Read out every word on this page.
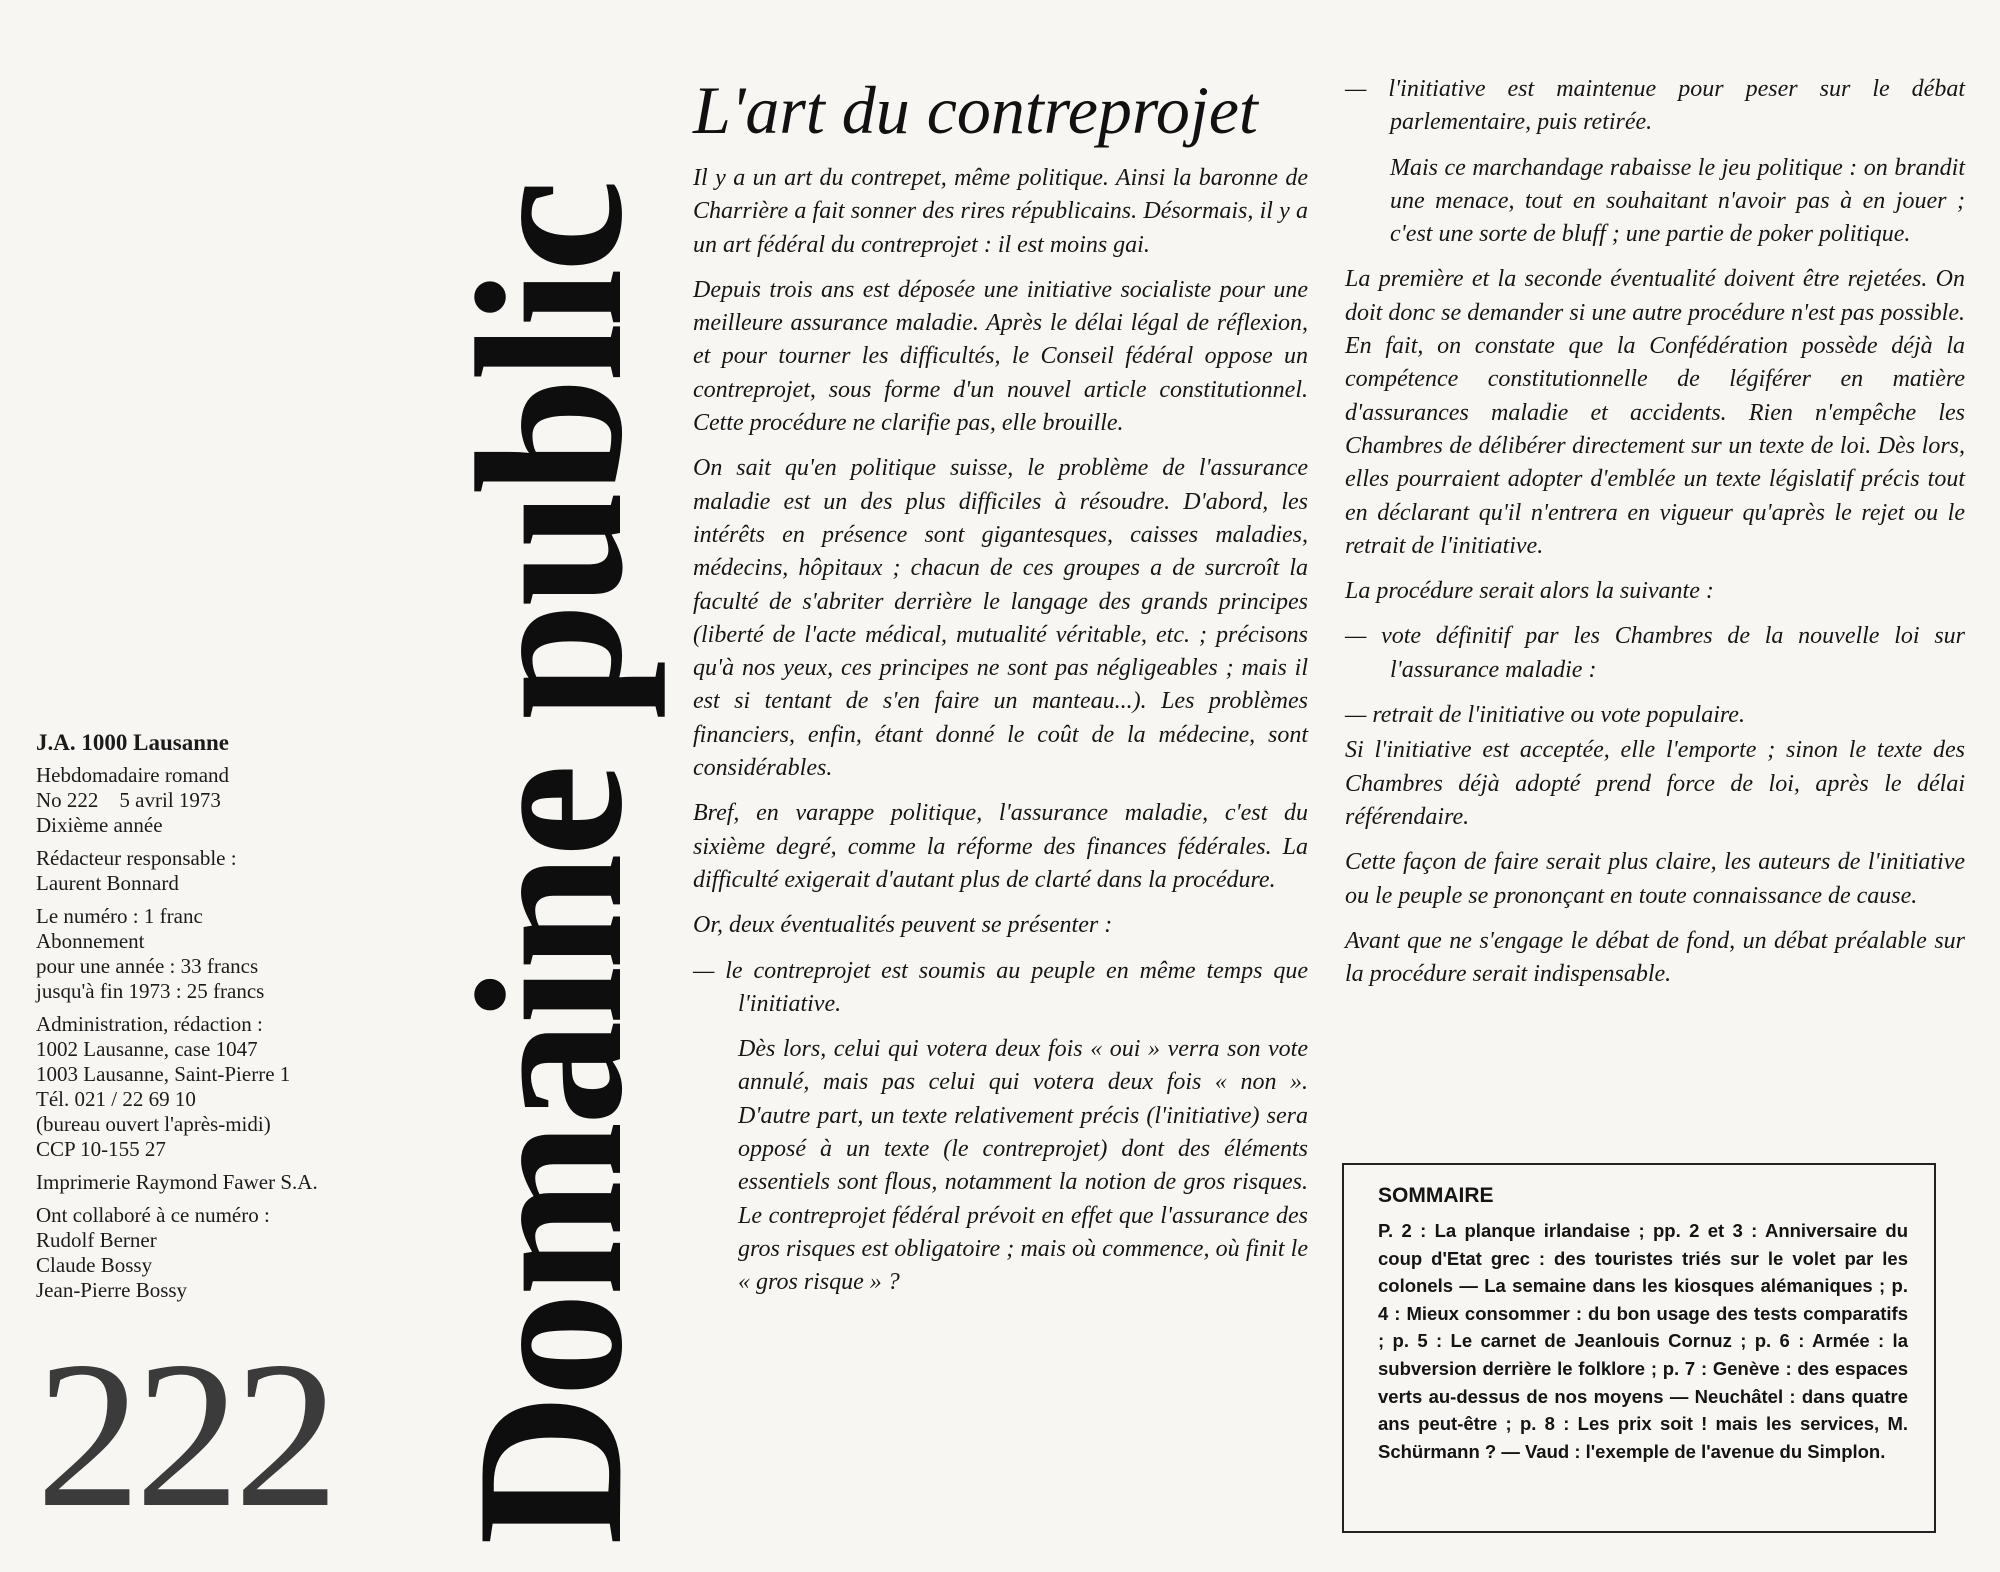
J.A. 1000 Lausanne
Hebdomadaire romand
No 222    5 avril 1973
Dixième année
Rédacteur responsable :
Laurent Bonnard
Le numéro : 1 franc
Abonnement
pour une année : 33 francs
jusqu'à fin 1973 : 25 francs
Administration, rédaction :
1002 Lausanne, case 1047
1003 Lausanne, Saint-Pierre 1
Tél. 021 / 22 69 10
(bureau ouvert l'après-midi)
CCP 10-155 27
Imprimerie Raymond Fawer S.A.
Ont collaboré à ce numéro :
Rudolf Berner
Claude Bossy
Jean-Pierre Bossy
222 Domaine public
L'art du contreprojet

Il y a un art du contrepet, même politique. Ainsi la baronne de Charrière a fait sonner des rires républicains. Désormais, il y a un art fédéral du contreprojet : il est moins gai.

Depuis trois ans est déposée une initiative socialiste pour une meilleure assurance maladie. Après le délai légal de réflexion, et pour tourner les difficultés, le Conseil fédéral oppose un contreprojet, sous forme d'un nouvel article constitutionnel. Cette procédure ne clarifie pas, elle brouille.

On sait qu'en politique suisse, le problème de l'assurance maladie est un des plus difficiles à résoudre. D'abord, les intérêts en présence sont gigantesques, caisses maladies, médecins, hôpitaux ; chacun de ces groupes a de surcroît la faculté de s'abriter derrière le langage des grands principes (liberté de l'acte médical, mutualité véritable, etc. ; précisons qu'à nos yeux, ces principes ne sont pas négligeables ; mais il est si tentant de s'en faire un manteau...). Les problèmes financiers, enfin, étant donné le coût de la médecine, sont considérables.

Bref, en varappe politique, l'assurance maladie, c'est du sixième degré, comme la réforme des finances fédérales. La difficulté exigerait d'autant plus de clarté dans la procédure.

Or, deux éventualités peuvent se présenter :

— le contreprojet est soumis au peuple en même temps que l'initiative.

Dès lors, celui qui votera deux fois « oui » verra son vote annulé, mais pas celui qui votera deux fois « non ». D'autre part, un texte relativement précis (l'initiative) sera opposé à un texte (le contreprojet) dont des éléments essentiels sont flous, notamment la notion de gros risques. Le contreprojet fédéral prévoit en effet que l'assurance des gros risques est obligatoire ; mais où commence, où finit le « gros risque » ?

— l'initiative est maintenue pour peser sur le débat parlementaire, puis retirée.

Mais ce marchandage rabaisse le jeu politique : on brandit une menace, tout en souhaitant n'avoir pas à en jouer ; c'est une sorte de bluff ; une partie de poker politique.

La première et la seconde éventualité doivent être rejetées. On doit donc se demander si une autre procédure n'est pas possible. En fait, on constate que la Confédération possède déjà la compétence constitutionnelle de légiférer en matière d'assurances maladie et accidents. Rien n'empêche les Chambres de délibérer directement sur un texte de loi. Dès lors, elles pourraient adopter d'emblée un texte législatif précis tout en déclarant qu'il n'entrera en vigueur qu'après le rejet ou le retrait de l'initiative.

La procédure serait alors la suivante :

— vote définitif par les Chambres de la nouvelle loi sur l'assurance maladie :

— retrait de l'initiative ou vote populaire.

Si l'initiative est acceptée, elle l'emporte ; sinon le texte des Chambres déjà adopté prend force de loi, après le délai référendaire.

Cette façon de faire serait plus claire, les auteurs de l'initiative ou le peuple se prononçant en toute connaissance de cause.

Avant que ne s'engage le débat de fond, un débat préalable sur la procédure serait indispensable.

SOMMAIRE
P. 2 : La planque irlandaise ; pp. 2 et 3 : Anniversaire du coup d'Etat grec : des touristes triés sur le volet par les colonels — La semaine dans les kiosques alémaniques ; p. 4 : Mieux consommer : du bon usage des tests comparatifs ; p. 5 : Le carnet de Jeanlouis Cornuz ; p. 6 : Armée : la subversion derrière le folklore ; p. 7 : Genève : des espaces verts au-dessus de nos moyens — Neuchâtel : dans quatre ans peut-être ; p. 8 : Les prix soit ! mais les services, M. Schürmann ? — Vaud : l'exemple de l'avenue du Simplon.
